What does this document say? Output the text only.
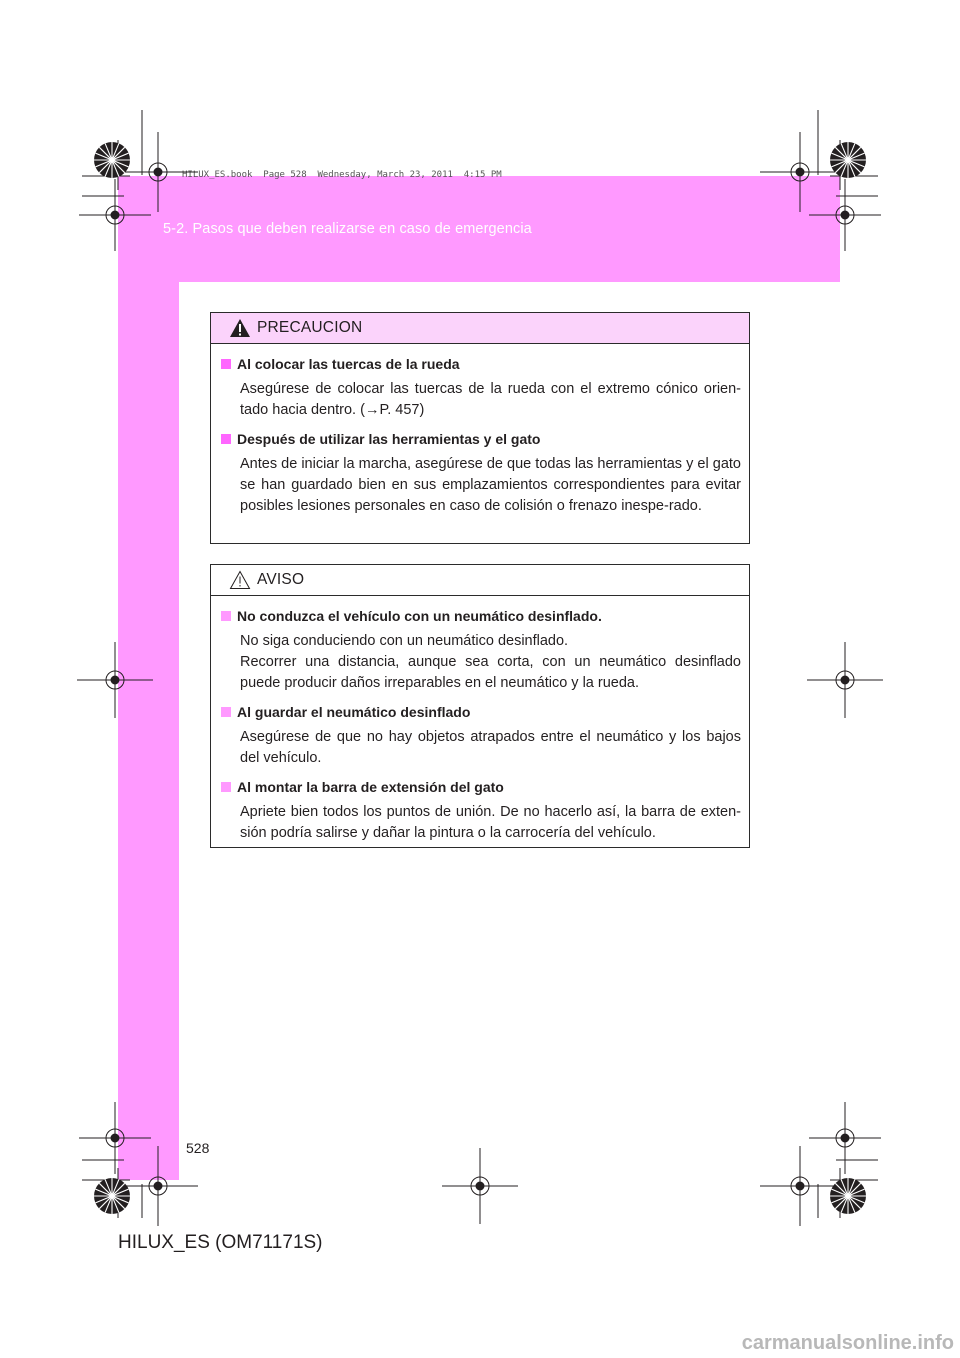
HILUX_ES.book  Page 528  Wednesday, March 23, 2011  4:15 PM
5-2. Pasos que deben realizarse en caso de emergencia
PRECAUCION
Al colocar las tuercas de la rueda
Asegúrese de colocar las tuercas de la rueda con el extremo cónico orien-tado hacia dentro. (→P. 457)
Después de utilizar las herramientas y el gato
Antes de iniciar la marcha, asegúrese de que todas las herramientas y el gato se han guardado bien en sus emplazamientos correspondientes para evitar posibles lesiones personales en caso de colisión o frenazo inespe-rado.
AVISO
No conduzca el vehículo con un neumático desinflado.
No siga conduciendo con un neumático desinflado.
Recorrer una distancia, aunque sea corta, con un neumático desinflado puede producir daños irreparables en el neumático y la rueda.
Al guardar el neumático desinflado
Asegúrese de que no hay objetos atrapados entre el neumático y los bajos del vehículo.
Al montar la barra de extensión del gato
Apriete bien todos los puntos de unión. De no hacerlo así, la barra de exten-sión podría salirse y dañar la pintura o la carrocería del vehículo.
528
HILUX_ES (OM71171S)
carmanualsonline.info
